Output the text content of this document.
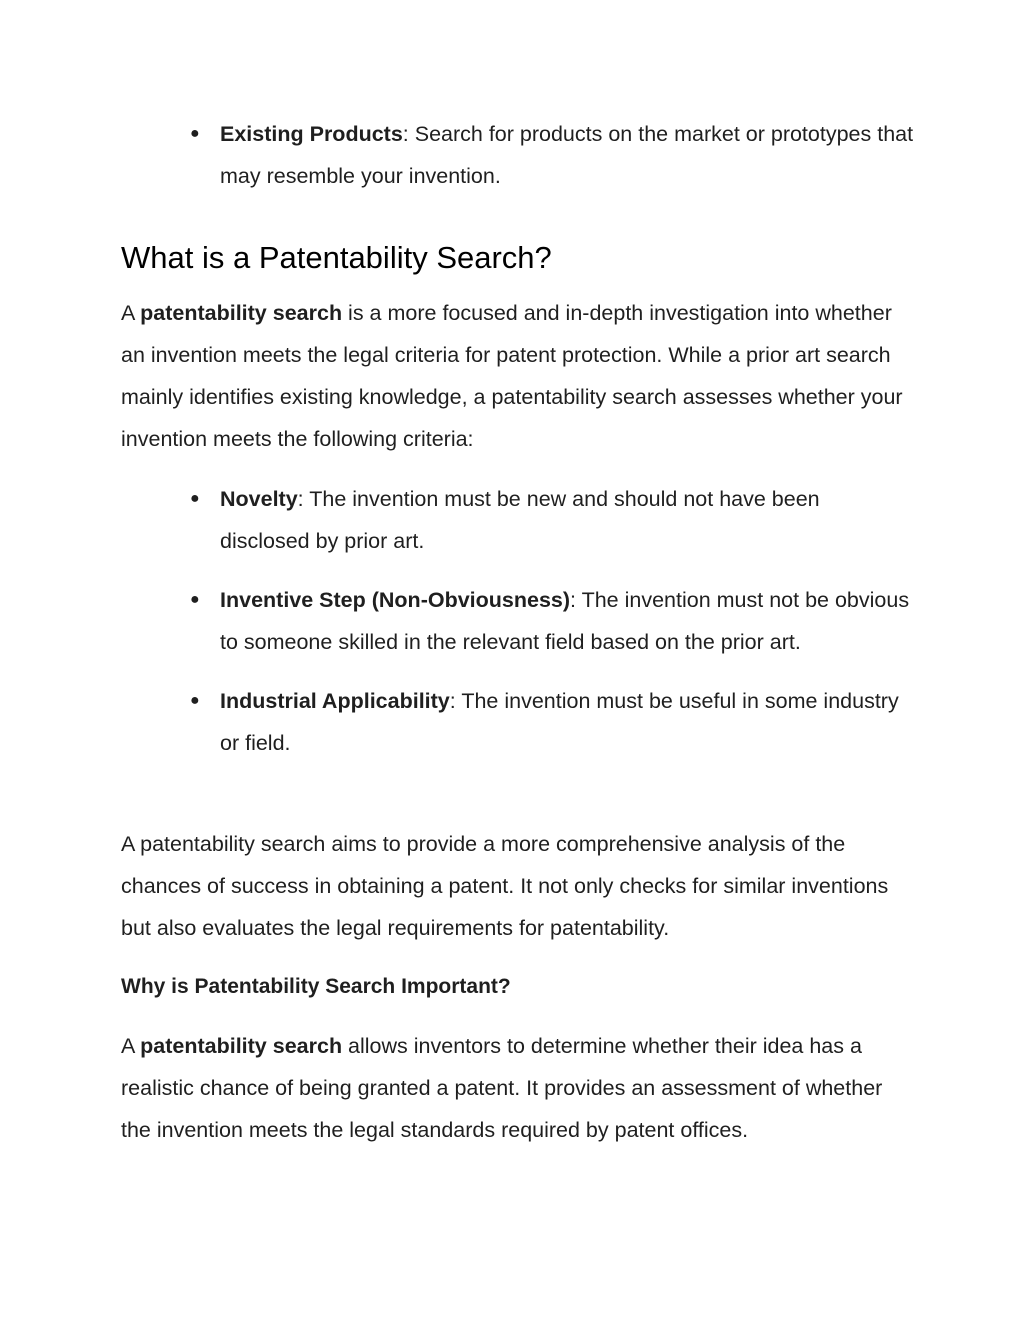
● Existing Products: Search for products on the market or prototypes that may resemble your invention.
What is a Patentability Search?

A patentability search is a more focused and in-depth investigation into whether an invention meets the legal criteria for patent protection. While a prior art search mainly identifies existing knowledge, a patentability search assesses whether your invention meets the following criteria:

● Novelty: The invention must be new and should not have been disclosed by prior art.
● Inventive Step (Non-Obviousness): The invention must not be obvious to someone skilled in the relevant field based on the prior art.
● Industrial Applicability: The invention must be useful in some industry or field.

A patentability search aims to provide a more comprehensive analysis of the chances of success in obtaining a patent. It not only checks for similar inventions but also evaluates the legal requirements for patentability.

Why is Patentability Search Important?

A patentability search allows inventors to determine whether their idea has a realistic chance of being granted a patent. It provides an assessment of whether the invention meets the legal standards required by patent offices.
